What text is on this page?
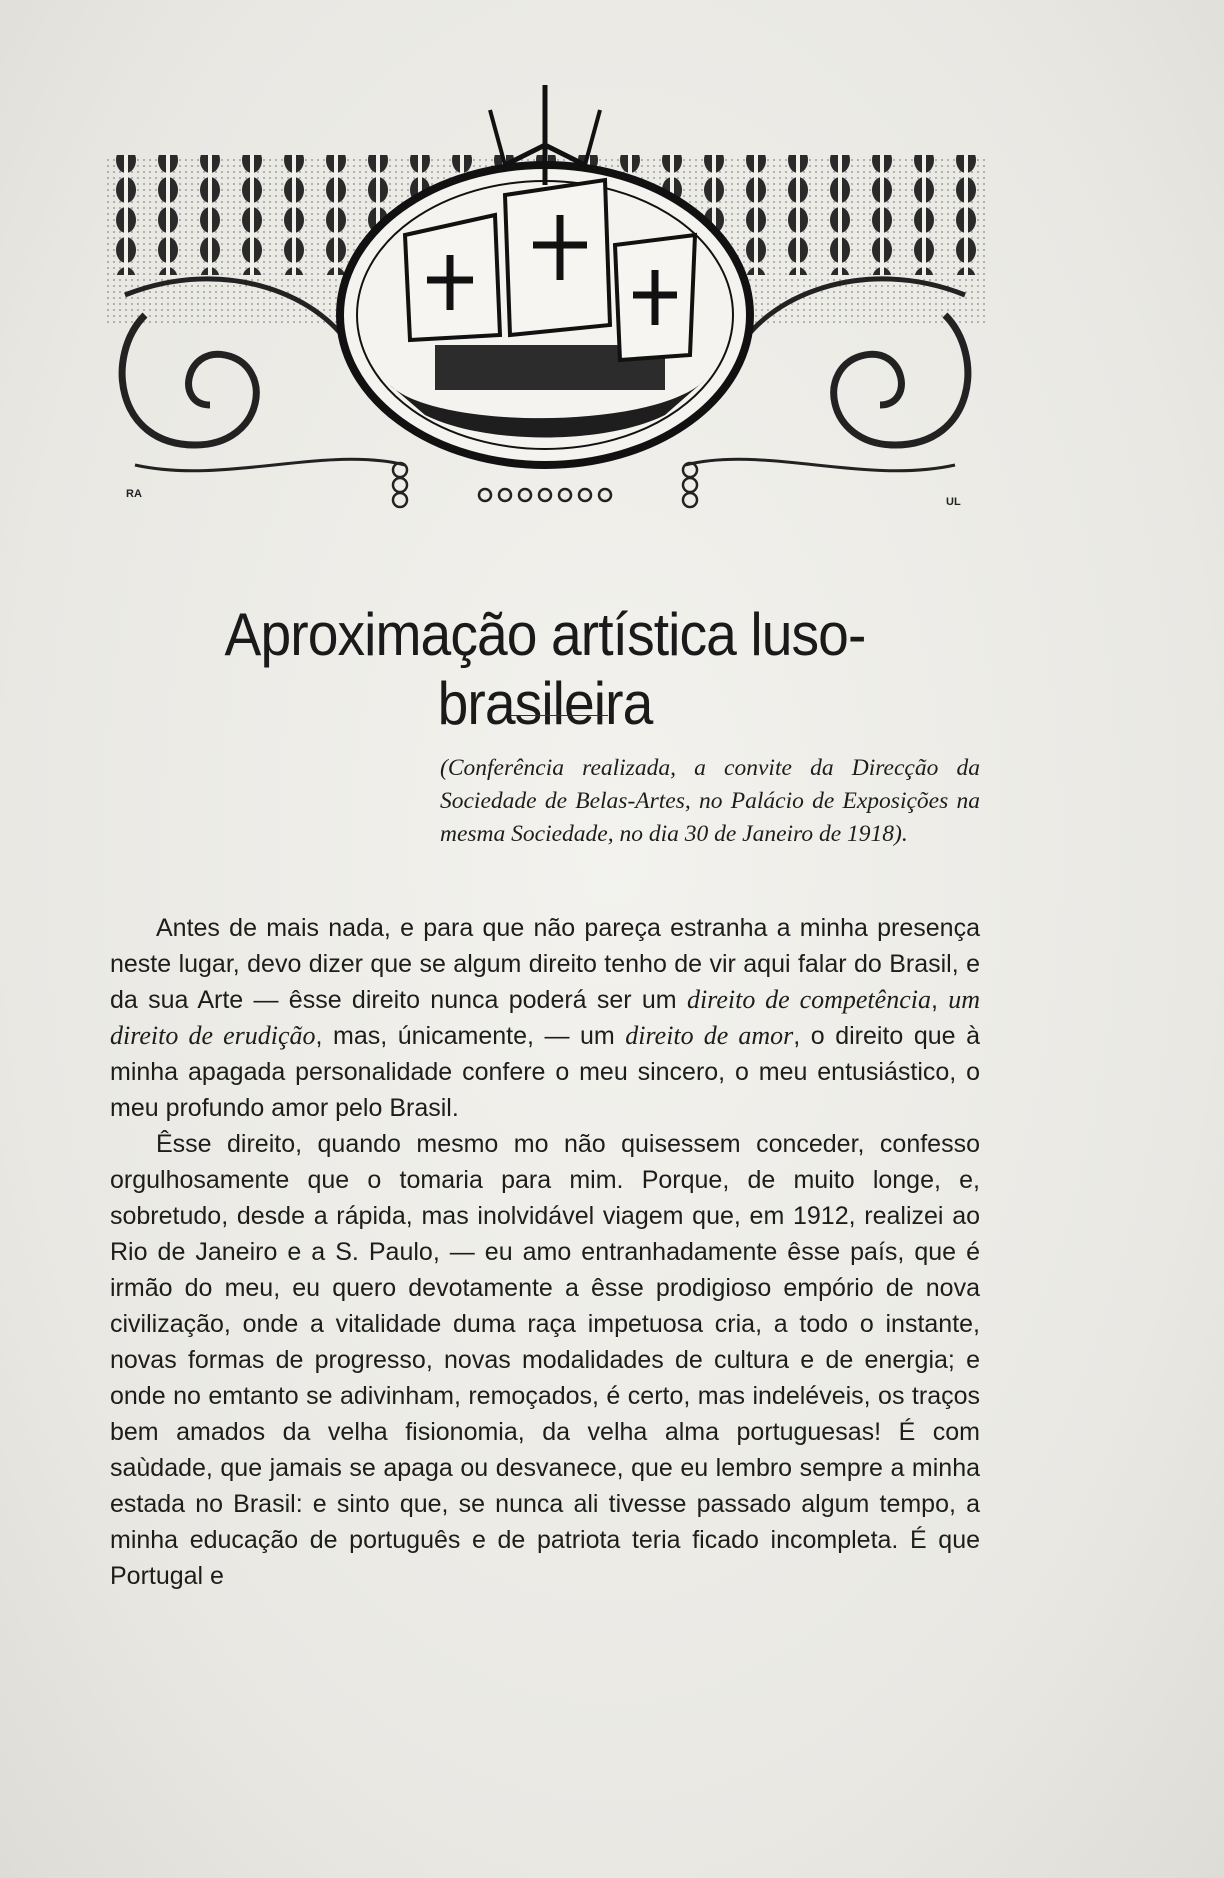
RA
UL
Aproximação artística luso-brasileira

(Conferência realizada, a convite da Direcção da Sociedade de Belas-Artes, no Palácio de Exposições na mesma Sociedade, no dia 30 de Janeiro de 1918).

Antes de mais nada, e para que não pareça estranha a minha presença neste lugar, devo dizer que se algum direito tenho de vir aqui falar do Brasil, e da sua Arte — êsse direito nunca poderá ser um direito de competência, um direito de erudição, mas, únicamente, — um direito de amor, o direito que à minha apagada personalidade confere o meu sincero, o meu entusiástico, o meu profundo amor pelo Brasil.

Êsse direito, quando mesmo mo não quisessem conceder, confesso orgulhosamente que o tomaria para mim. Porque, de muito longe, e, sobretudo, desde a rápida, mas inolvidável viagem que, em 1912, realizei ao Rio de Janeiro e a S. Paulo, — eu amo entranhadamente êsse país, que é irmão do meu, eu quero devotamente a êsse prodigioso empório de nova civilização, onde a vitalidade duma raça impetuosa cria, a todo o instante, novas formas de progresso, novas modalidades de cultura e de energia; e onde no emtanto se adivinham, remoçados, é certo, mas indeléveis, os traços bem amados da velha fisionomia, da velha alma portuguesas! É com saùdade, que jamais se apaga ou desvanece, que eu lembro sempre a minha estada no Brasil: e sinto que, se nunca ali tivesse passado algum tempo, a minha educação de português e de patriota teria ficado incompleta. É que Portugal e
